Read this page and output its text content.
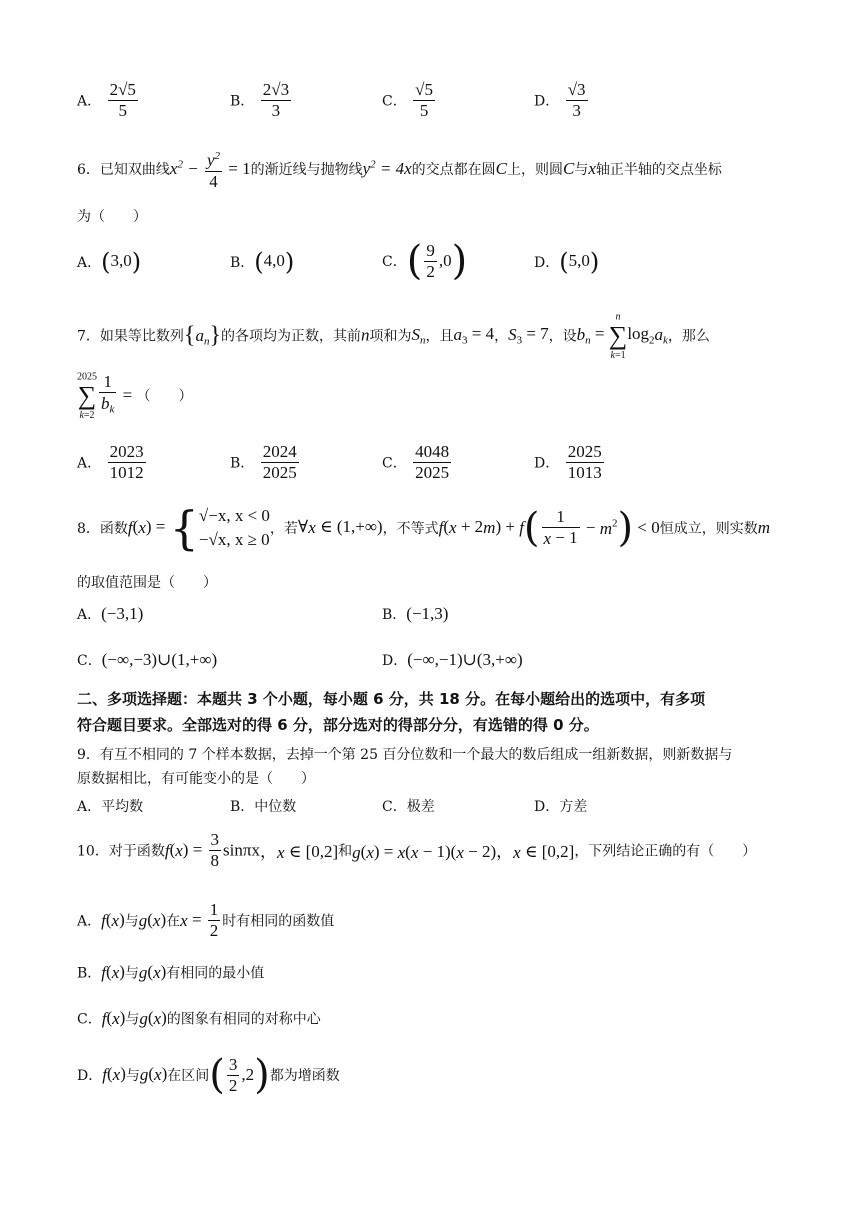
A． $\frac{2√5}{5}$	B． $\frac{2√3}{3}$	C． $\frac{√5}{5}$	D． $\frac{√3}{3}$
6．已知双曲线$x^2 - \frac{y^2}{4} = 1$的渐近线与抛物线$y^2 = 4x$的交点都在圆C上，则圆C与x轴正半轴的交点坐标
为（　　）
A．(3,0)	B．(4,0)	C．( $\frac{9}{2} ,0$)	D．(5,0)
7．如果等比数列$\{a_n\}$的各项均为正数，其前n项和为$S_n$，且$a_3 = 4$，$S_3 = 7$，设$b_n = n$
∑
$k=1\log_2a_k$，那么
2025
∑
$k=2 \frac{1}{b_k}$ = （　　）
A． $\frac{2023}{1012}$	B． $\frac{2024}{2025}$	C． $\frac{4048}{2025}$	D． $\frac{2025}{1013}$
8．函数f(x) = { √−x, x < 0
−√x, x ≥ 0
，若∀x ∈ (1,+∞)，不等式$f(x + 2m) + f( \frac{1}{x - 1} - m^2) < 0$恒成立，则实数m
的取值范围是（　　）
A．(−3,1)	B．(−1,3)
C．(−∞,−3)∪(1,+∞)	D．(−∞,−1)∪(3,+∞)
二、多项选择题：本题共 3 个小题，每小题 6 分，共 18 分。在每小题给出的选项中，有多项
符合题目要求。全部选对的得 6 分，部分选对的得部分分，有选错的得 0 分。
9．有互不相同的 7 个样本数据，去掉一个第 25 百分位数和一个最大的数后组成一组新数据，则新数据与
原数据相比，有可能变小的是（　　）
A．平均数	B．中位数	C．极差	D．方差
10．对于函数$f(x) = \frac{3}{8}$ sinπx，x ∈ [0,2]和g(x) = x(x − 1)(x − 2)，x ∈ [0,2]，下列结论正确的有（　　）
A．f(x)与g(x)在$x = \frac{1}{2}$ 时有相同的函数值
B．f(x)与g(x)有相同的最小值
C．f(x)与g(x)的图象有相同的对称中心
D．f(x)与g(x)在区间( $\frac{3}{2} ,2$)都为增函数
